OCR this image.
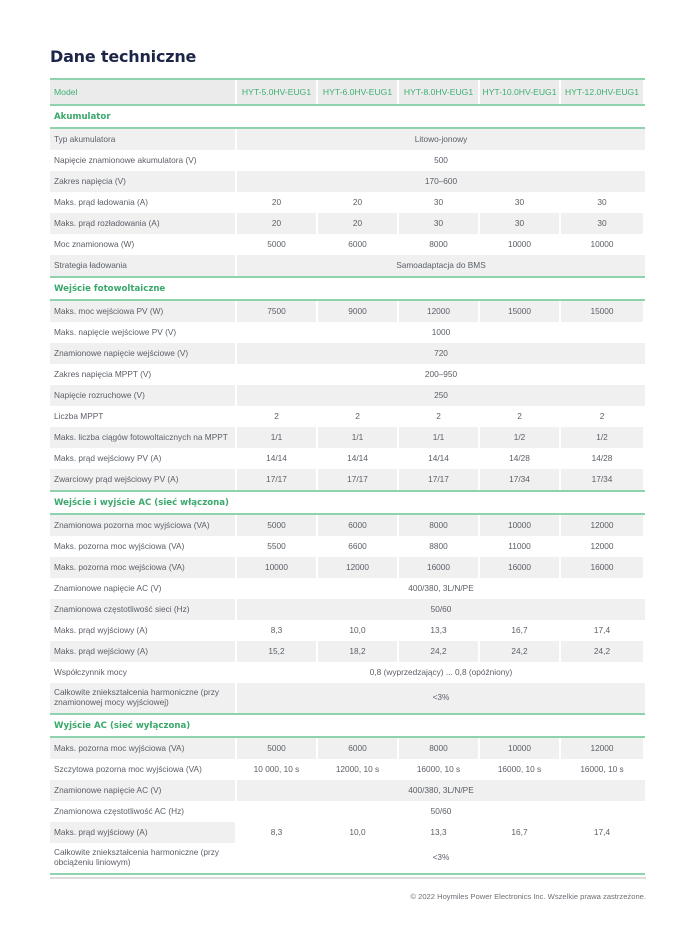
Dane techniczne
Model	HYT-5.0HV-EUG1	HYT-6.0HV-EUG1	HYT-8.0HV-EUG1	HYT-10.0HV-EUG1 HYT-12.0HV-EUG1
Akumulator
Typ akumulatora	Litowo-jonowy
Napięcie znamionowe akumulatora (V)	500
Zakres napięcia (V)	170–600
Maks. prąd ładowania (A)	20	20	30	30	30
Maks. prąd rozładowania (A)	20	20	30	30	30
Moc znamionowa (W)	5000	6000	8000	10000	10000
Strategia ładowania	Samoadaptacja do BMS
Wejście fotowoltaiczne
Maks. moc wejściowa PV (W)	7500	9000	12000	15000	15000
Maks. napięcie wejściowe PV (V)	1000
Znamionowe napięcie wejściowe (V)	720
Zakres napięcia MPPT (V)	200–950
Napięcie rozruchowe (V)	250
Liczba MPPT	2	2	2	2	2
Maks. liczba ciągów fotowoltaicznych na MPPT	1/1	1/1	1/1	1/2	1/2
Maks. prąd wejściowy PV (A)	14/14	14/14	14/14	14/28	14/28
Zwarciowy prąd wejściowy PV (A)	17/17	17/17	17/17	17/34	17/34
Wejście i wyjście AC (sieć włączona)
Znamionowa pozorna moc wyjściowa (VA)	5000	6000	8000	10000	12000
Maks. pozorna moc wyjściowa (VA)	5500	6600	8800	11000	12000
Maks. pozorna moc wejściowa (VA)	10000	12000	16000	16000	16000
Znamionowe napięcie AC (V)	400/380, 3L/N/PE
Znamionowa częstotliwość sieci (Hz)	50/60
Maks. prąd wyjściowy (A)	8,3	10,0	13,3	16,7	17,4
Maks. prąd wejściowy (A)	15,2	18,2	24,2	24,2	24,2
Współczynnik mocy	0,8 (wyprzedzający) ... 0,8 (opóźniony)
Całkowite zniekształcenia harmoniczne (przy znamionowej mocy wyjściowej)	<3%
Wyjście AC (sieć wyłączona)
Maks. pozorna moc wyjściowa (VA)	5000	6000	8000	10000	12000
Szczytowa pozorna moc wyjściowa (VA)	10 000, 10 s	12000, 10 s	16000, 10 s	16000, 10 s	16000, 10 s
Znamionowe napięcie AC (V)	400/380, 3L/N/PE
Znamionowa częstotliwość AC (Hz)	50/60
Maks. prąd wyjściowy (A)	8,3	10,0	13,3	16,7	17,4
Całkowite zniekształcenia harmoniczne (przy obciążeniu liniowym)	<3%
© 2022 Hoymiles Power Electronics Inc. Wszelkie prawa zastrzeżone.
